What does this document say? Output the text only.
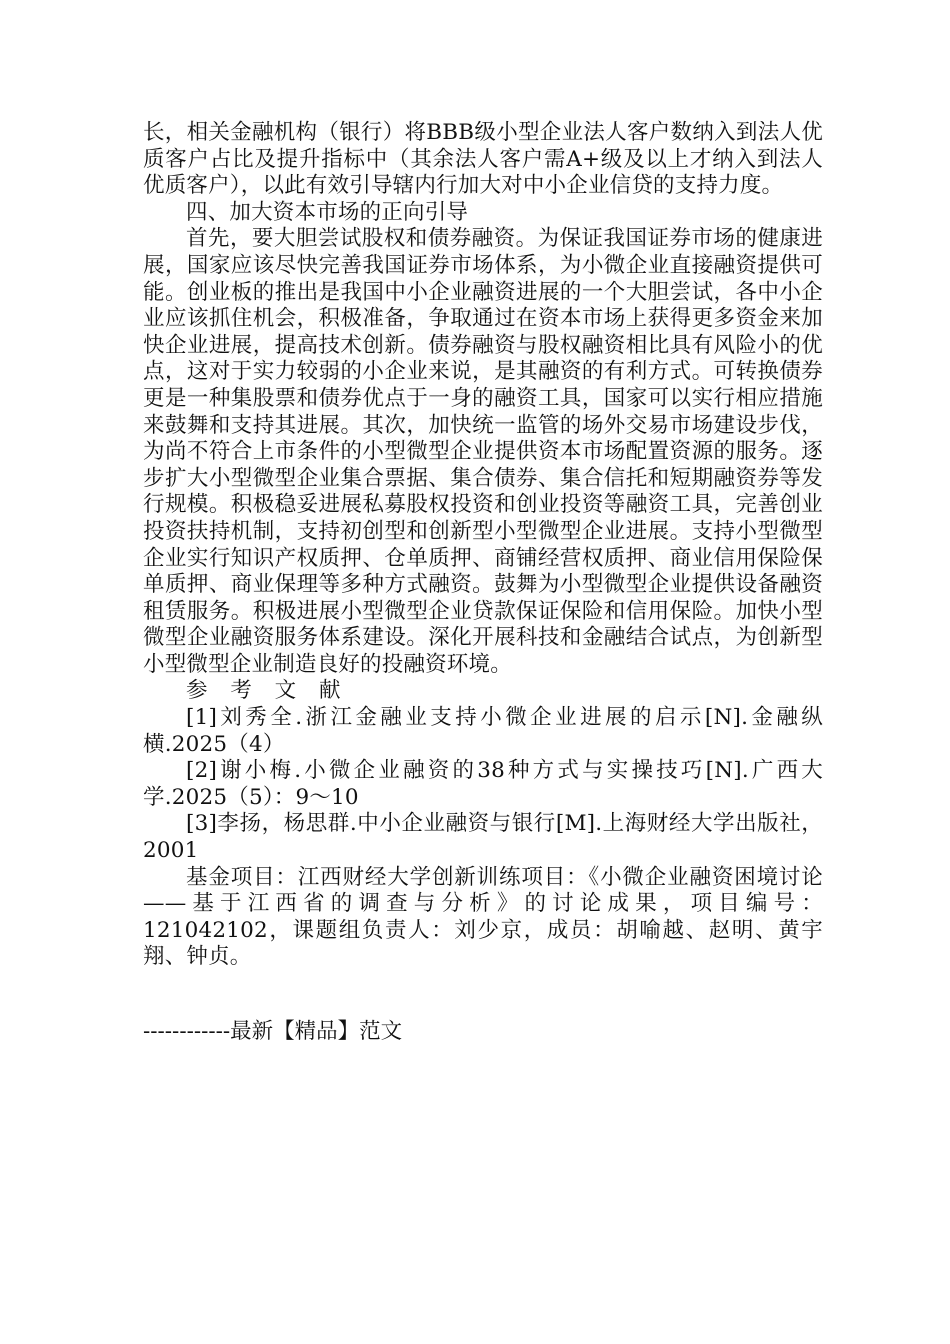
长，相关金融机构（银行）将BBB级小型企业法人客户数纳入到法人优质客户占比及提升指标中（其余法人客户需A+级及以上才纳入到法人优质客户），以此有效引导辖内行加大对中小企业信贷的支持力度。

四、加大资本市场的正向引导

首先，要大胆尝试股权和债券融资。为保证我国证券市场的健康进展，国家应该尽快完善我国证券市场体系，为小微企业直接融资提供可能。创业板的推出是我国中小企业融资进展的一个大胆尝试，各中小企业应该抓住机会，积极准备，争取通过在资本市场上获得更多资金来加快企业进展，提高技术创新。债券融资与股权融资相比具有风险小的优点，这对于实力较弱的小企业来说，是其融资的有利方式。可转换债券更是一种集股票和债券优点于一身的融资工具，国家可以实行相应措施来鼓舞和支持其进展。其次，加快统一监管的场外交易市场建设步伐，为尚不符合上市条件的小型微型企业提供资本市场配置资源的服务。逐步扩大小型微型企业集合票据、集合债券、集合信托和短期融资券等发行规模。积极稳妥进展私募股权投资和创业投资等融资工具，完善创业投资扶持机制，支持初创型和创新型小型微型企业进展。支持小型微型企业实行知识产权质押、仓单质押、商铺经营权质押、商业信用保险保单质押、商业保理等多种方式融资。鼓舞为小型微型企业提供设备融资租赁服务。积极进展小型微型企业贷款保证保险和信用保险。加快小型微型企业融资服务体系建设。深化开展科技和金融结合试点，为创新型小型微型企业制造良好的投融资环境。

参 考 文 献

[1]刘秀全.浙江金融业支持小微企业进展的启示[N].金融纵横.2025（4）

[2]谢小梅.小微企业融资的38种方式与实操技巧[N].广西大学.2025（5）：9～10

[3]李扬，杨思群.中小企业融资与银行[M].上海财经大学出版社，2001

基金项目：江西财经大学创新训练项目：《小微企业融资困境讨论——基于江西省的调查与分析》的讨论成果，项目编号：121042102，课题组负责人：刘少京，成员：胡喻越、赵明、黄宇翔、钟贞。

------------最新【精品】范文
